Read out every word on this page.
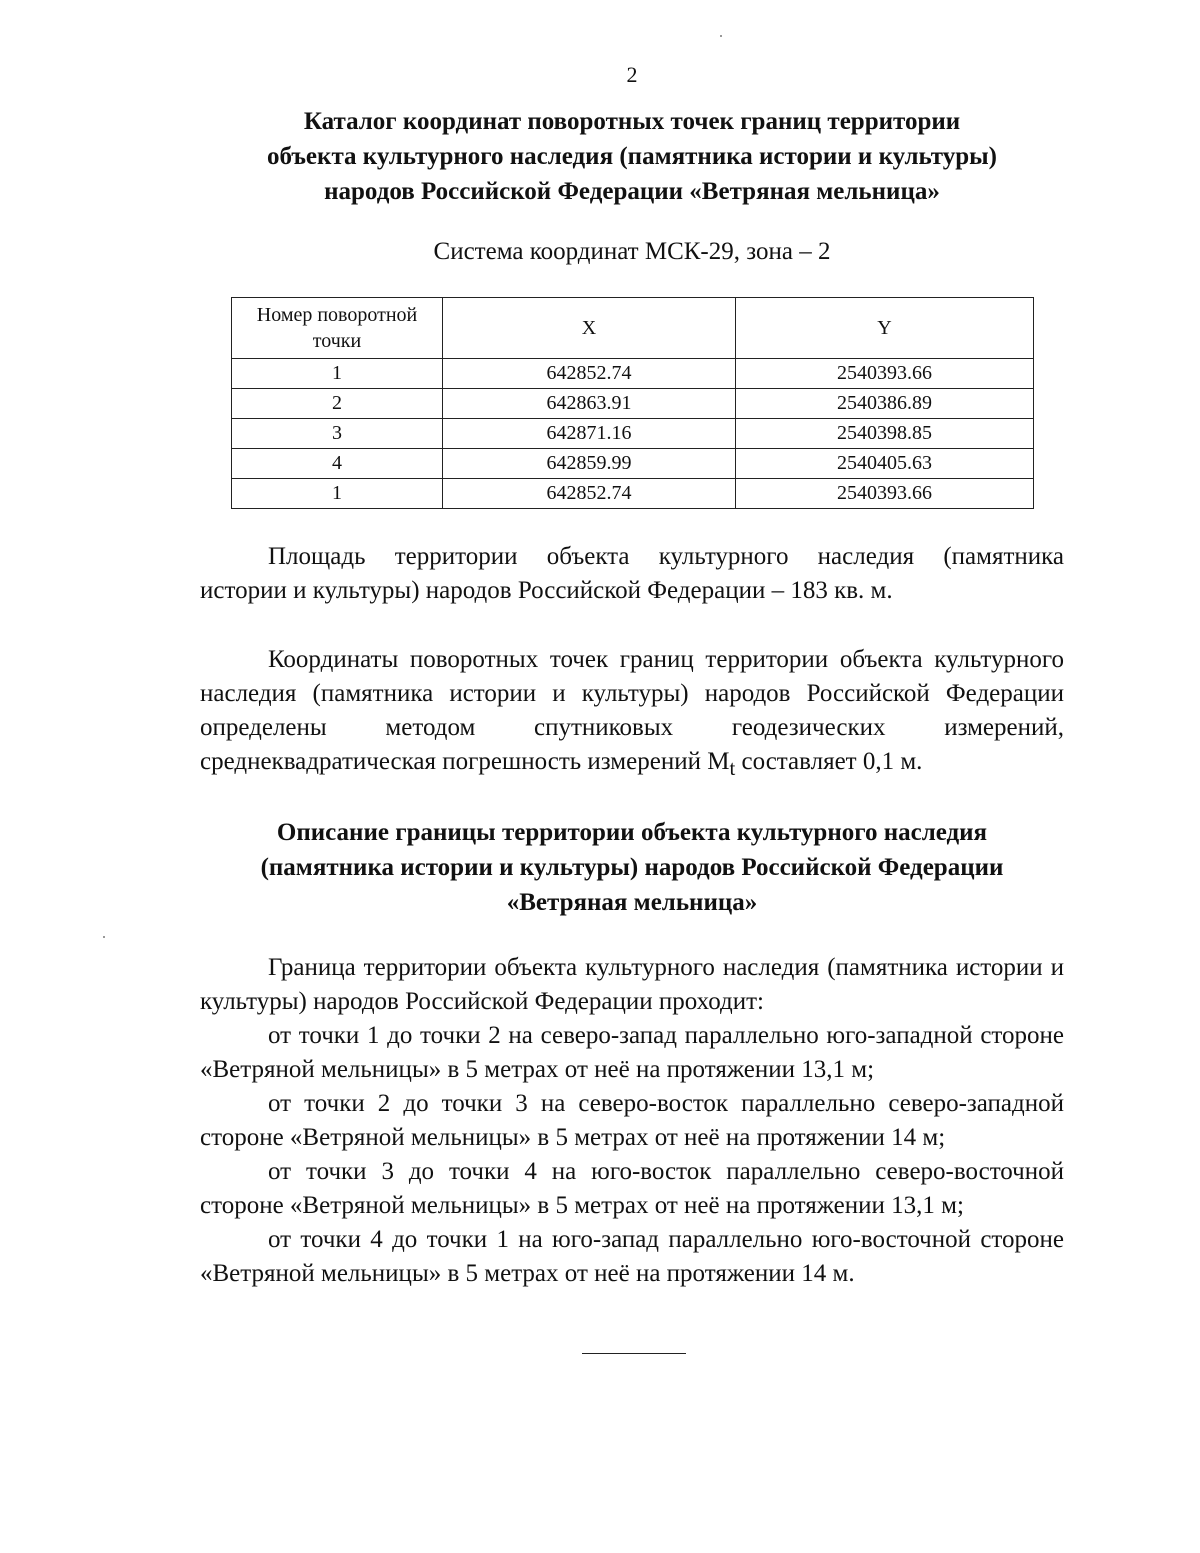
2
Каталог координат поворотных точек границ территории
объекта культурного наследия (памятника истории и культуры)
народов Российской Федерации «Ветряная мельница»
Система координат МСК-29, зона – 2
Номер поворотной
точки	X	Y
1	642852.74	2540393.66
2	642863.91	2540386.89
3	642871.16	2540398.85
4	642859.99	2540405.63
1	642852.74	2540393.66
Площадь территории объекта культурного наследия (памятника
истории и культуры) народов Российской Федерации – 183 кв. м.
Координаты поворотных точек границ территории объекта культурного
наследия (памятника истории и культуры) народов Российской Федерации
определены методом спутниковых геодезических измерений,
среднеквадратическая погрешность измерений $M_t$ составляет 0,1 м.
Описание границы территории объекта культурного наследия
(памятника истории и культуры) народов Российской Федерации
«Ветряная мельница»
Граница территории объекта культурного наследия (памятника истории и культуры) народов Российской Федерации проходит:
от точки 1 до точки 2 на северо-запад параллельно юго-западной стороне «Ветряной мельницы» в 5 метрах от неё на протяжении 13,1 м;
от точки 2 до точки 3 на северо-восток параллельно северо-западной стороне «Ветряной мельницы» в 5 метрах от неё на протяжении 14 м;
от точки 3 до точки 4 на юго-восток параллельно северо-восточной стороне «Ветряной мельницы» в 5 метрах от неё на протяжении 13,1 м;
от точки 4 до точки 1 на юго-запад параллельно юго-восточной стороне «Ветряной мельницы» в 5 метрах от неё на протяжении 14 м.
